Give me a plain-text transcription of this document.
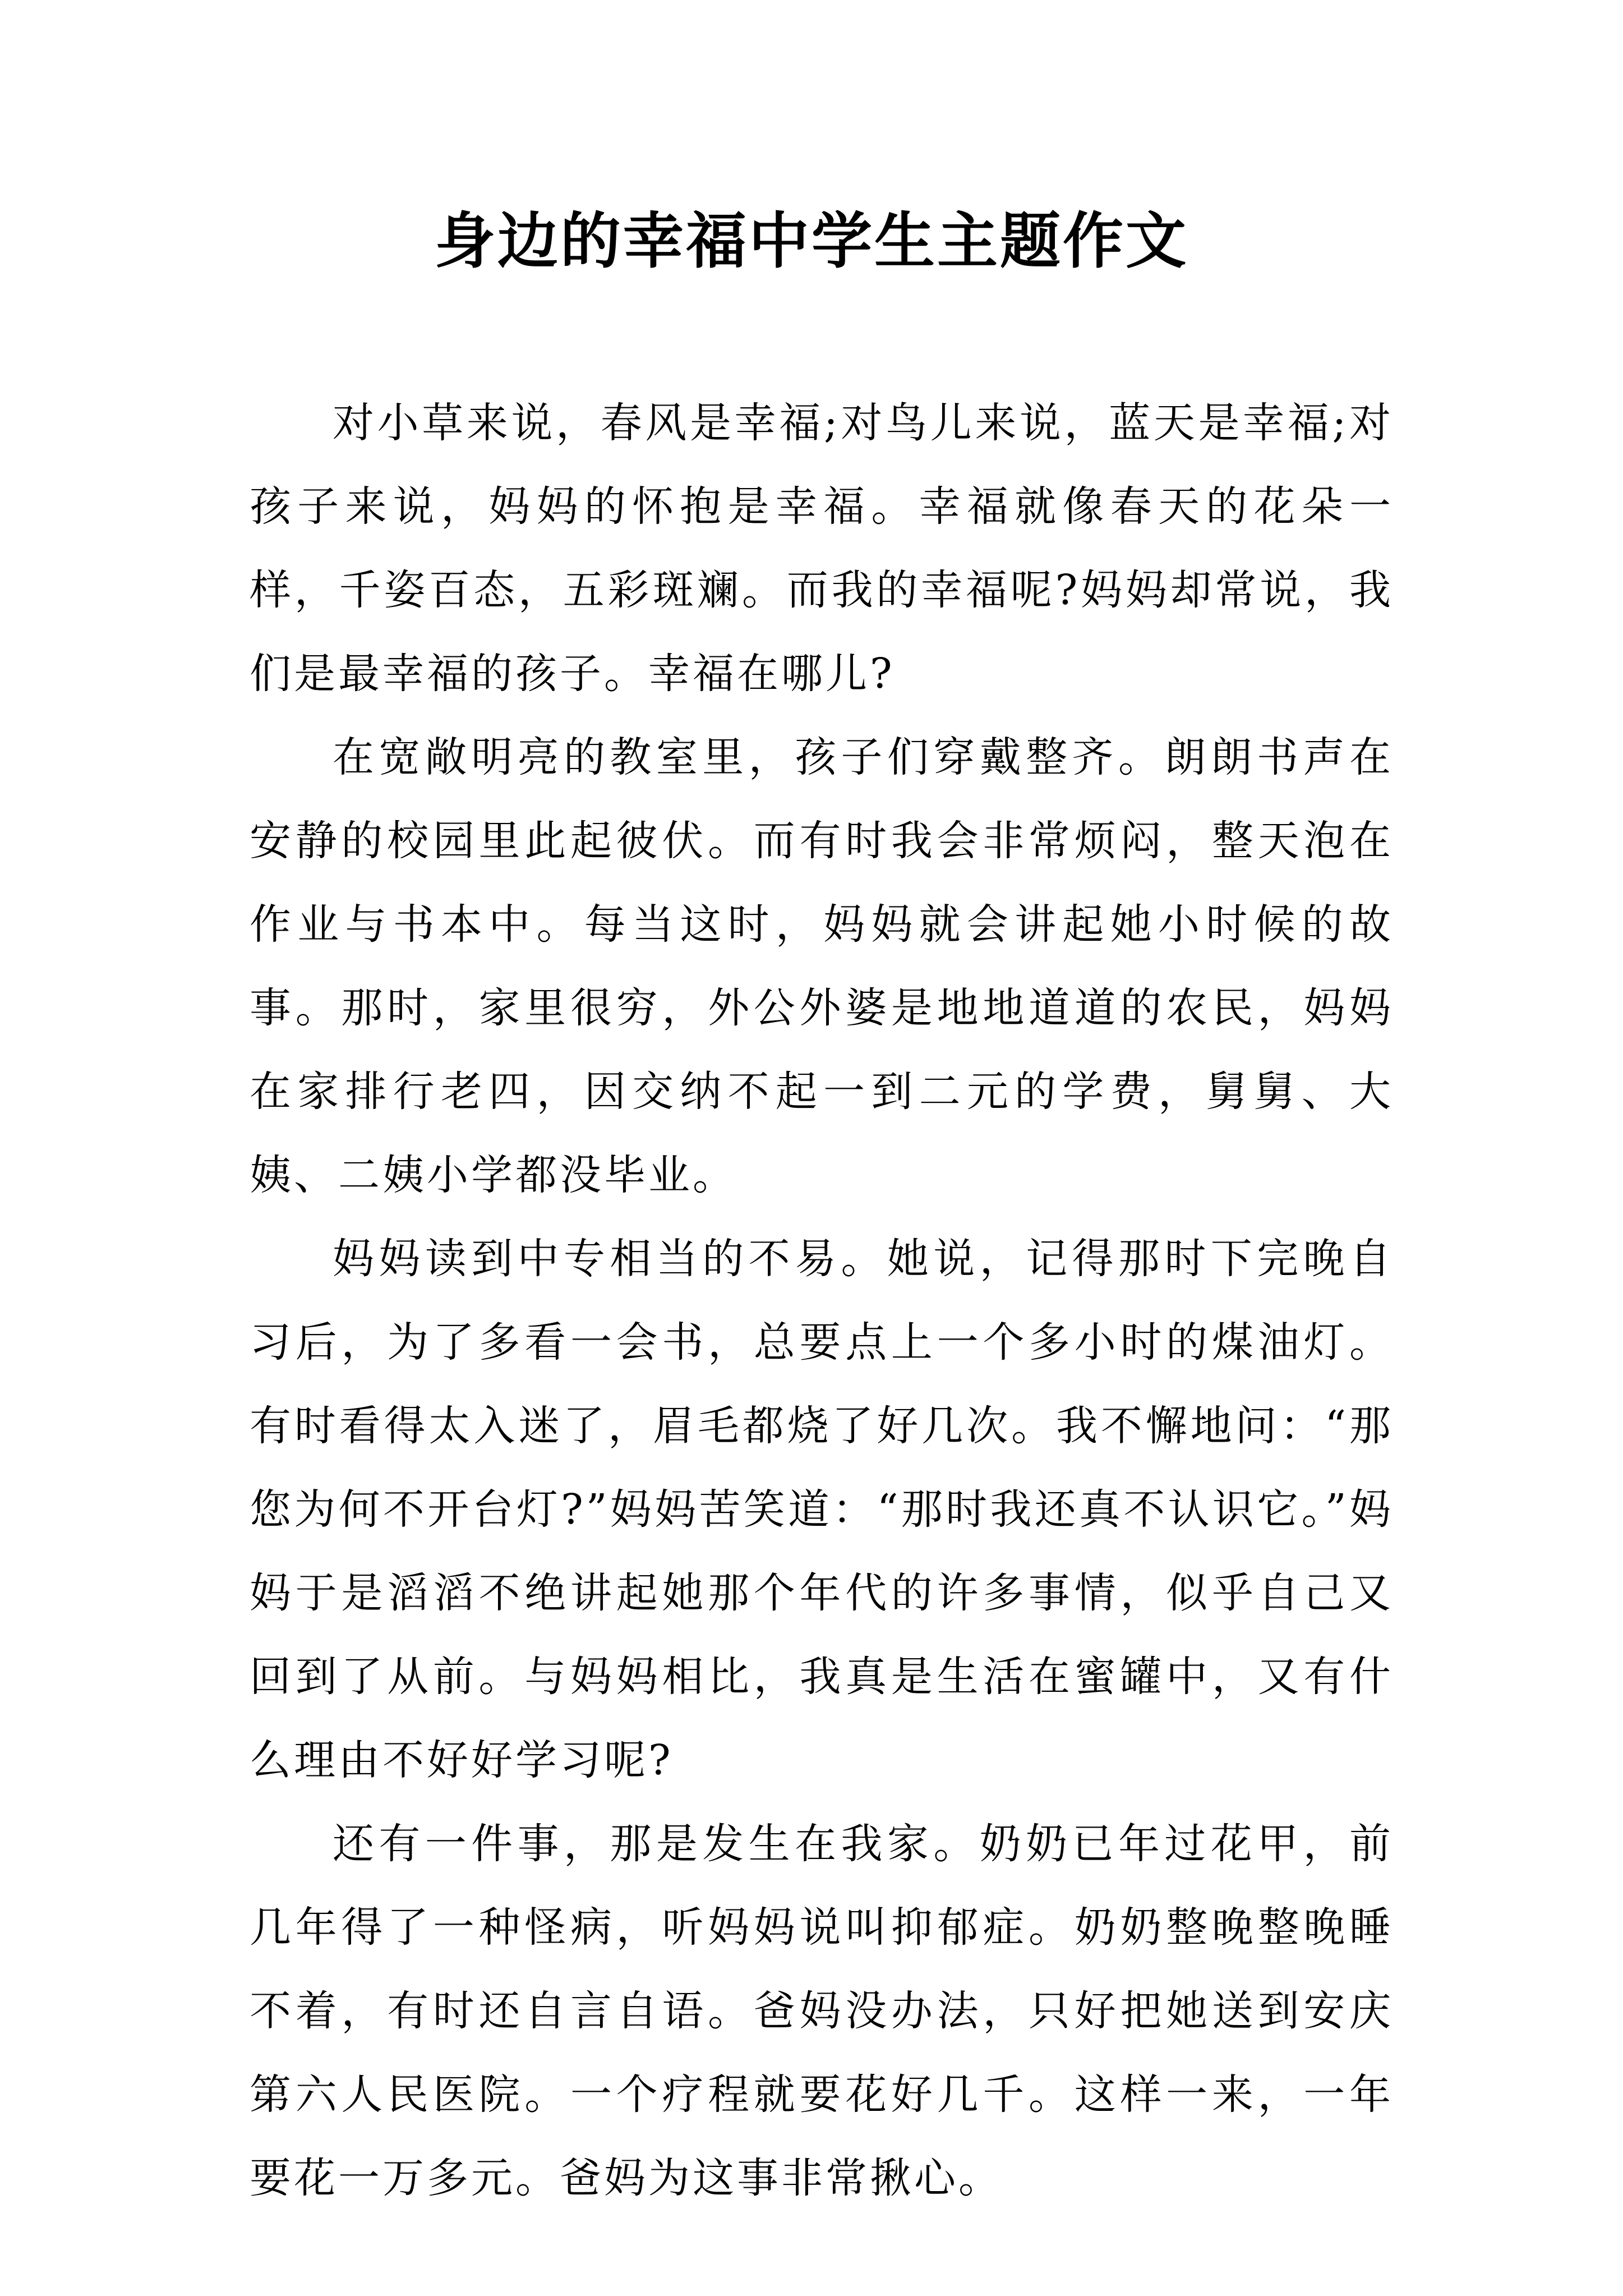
身边的幸福中学生主题作文

对小草来说，春风是幸福;对鸟儿来说，蓝天是幸福;对孩子来说，妈妈的怀抱是幸福。幸福就像春天的花朵一样，千姿百态，五彩斑斓。而我的幸福呢?妈妈却常说，我们是最幸福的孩子。幸福在哪儿?

在宽敞明亮的教室里，孩子们穿戴整齐。朗朗书声在安静的校园里此起彼伏。而有时我会非常烦闷，整天泡在作业与书本中。每当这时，妈妈就会讲起她小时候的故事。那时，家里很穷，外公外婆是地地道道的农民，妈妈在家排行老四，因交纳不起一到二元的学费，舅舅、大姨、二姨小学都没毕业。

妈妈读到中专相当的不易。她说，记得那时下完晚自习后，为了多看一会书，总要点上一个多小时的煤油灯。有时看得太入迷了，眉毛都烧了好几次。我不懈地问：“那您为何不开台灯?”妈妈苦笑道：“那时我还真不认识它。”妈妈于是滔滔不绝讲起她那个年代的许多事情，似乎自己又回到了从前。与妈妈相比，我真是生活在蜜罐中，又有什么理由不好好学习呢?

还有一件事，那是发生在我家。奶奶已年过花甲，前几年得了一种怪病，听妈妈说叫抑郁症。奶奶整晚整晚睡不着，有时还自言自语。爸妈没办法，只好把她送到安庆第六人民医院。一个疗程就要花好几千。这样一来，一年要花一万多元。爸妈为这事非常揪心。
